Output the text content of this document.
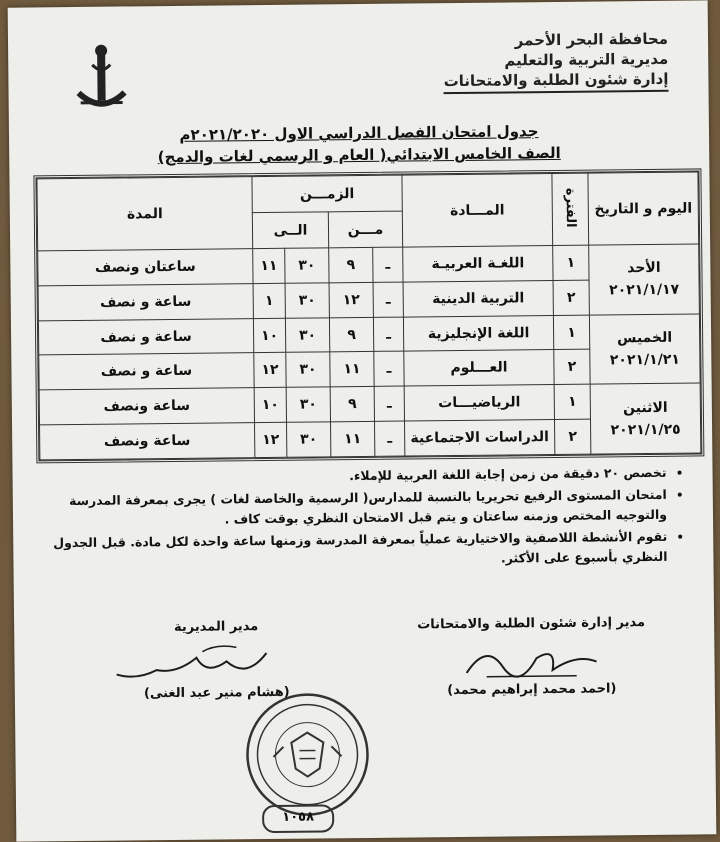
محافظة البحر الأحمر
مديرية التربية والتعليم
إدارة شئون الطلبة والامتحانات
جدول امتحان الفصل الدراسي الاول ٢٠٢١/٢٠٢٠م
الصف الخامس الابتدائي( العام و الرسمي لغات والدمج)
اليوم و التاريخ	الفترة	المـــادة	الزمـــن				المدة
			مـــن		الــى		

الأحد
٢٠٢١/١/١٧	١	اللغـة العربيـة	ـ	٩	٣٠	١١	ساعتان ونصف
	٢	التربية الدينية	ـ	١٢	٣٠	١	ساعة و نصف

الخميس
٢٠٢١/١/٢١	١	اللغة الإنجليزية	ـ	٩	٣٠	١٠	ساعة و نصف
	٢	العـــلوم	ـ	١١	٣٠	١٢	ساعة و نصف

الاثنين
٢٠٢١/١/٢٥	١	الرياضيـــات	ـ	٩	٣٠	١٠	ساعة ونصف
	٢	الدراسات الاجتماعية	ـ	١١	٣٠	١٢	ساعة ونصف
• تخصص ٢٠ دقيقة من زمن إجابة اللغة العربية للإملاء.
• امتحان المستوى الرفيع تحريريا بالنسبة للمدارس( الرسمية والخاصة لغات ) يجرى بمعرفة المدرسة والتوجيه المختص وزمنه ساعتان و يتم قبل الامتحان النظري بوقت كاف .
• تقوم الأنشطة اللاصفية والاختيارية عملياً بمعرفة المدرسة وزمنها ساعة واحدة لكل مادة. قبل الجدول النظري بأسبوع على الأكثر.
مدير إدارة شئون الطلبة والامتحانات
(احمد محمد إبراهيم محمد)
مدير المديرية
(هشام منير عبد الغنى)
١٠٥٨
